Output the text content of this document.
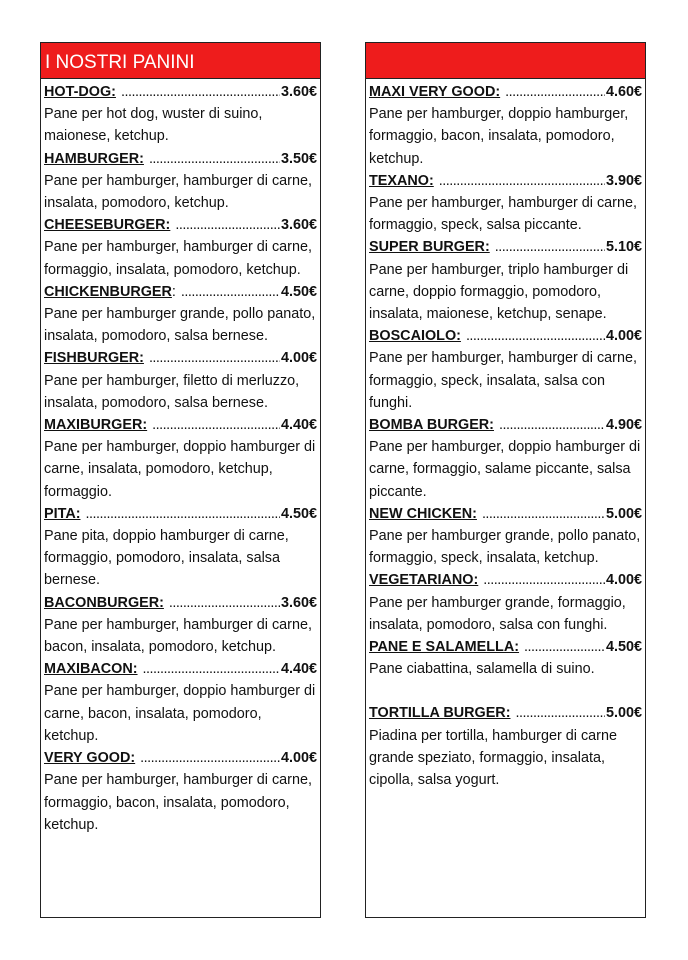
I NOSTRI PANINI
HOT-DOG: .....	3.60€
Pane per hot dog, wuster di suino, maionese, ketchup.
HAMBURGER: .....	3.50€
Pane per hamburger, hamburger di carne, insalata, pomodoro, ketchup.
CHEESEBURGER: .....	3.60€
Pane per hamburger, hamburger di carne, formaggio, insalata, pomodoro, ketchup.
CHICKENBURGER : .....	4.50€
Pane per hamburger grande, pollo panato, insalata, pomodoro, salsa bernese.
FISHBURGER: .....	4.00€
Pane per hamburger, filetto di merluzzo, insalata, pomodoro, salsa bernese.
MAXIBURGER: .....	4.40€
Pane per hamburger, doppio hamburger di carne, insalata, pomodoro, ketchup, formaggio.
PITA: .....	4.50€
Pane pita, doppio hamburger di carne, formaggio, pomodoro, insalata, salsa bernese.
BACONBURGER: .....	3.60€
Pane per hamburger, hamburger di carne, bacon, insalata, pomodoro, ketchup.
MAXIBACON: .....	4.40€
Pane per hamburger, doppio hamburger di carne, bacon, insalata, pomodoro, ketchup.
VERY GOOD: .....	4.00€
Pane per hamburger, hamburger di carne, formaggio, bacon, insalata, pomodoro, ketchup.
MAXI VERY GOOD: .....	4.60€
Pane per hamburger, doppio hamburger, formaggio, bacon, insalata, pomodoro, ketchup.
TEXANO: .....	3.90€
Pane per hamburger, hamburger di carne, formaggio, speck, salsa piccante.
SUPER BURGER: .....	5.10€
Pane per hamburger, triplo hamburger di carne, doppio formaggio, pomodoro, insalata, maionese, ketchup, senape.
BOSCAIOLO: .....	4.00€
Pane per hamburger, hamburger di carne, formaggio, speck, insalata, salsa con funghi.
BOMBA BURGER: .....	4.90€
Pane per hamburger, doppio hamburger di carne, formaggio, salame piccante, salsa piccante.
NEW CHICKEN: .....	5.00€
Pane per hamburger grande, pollo panato, formaggio, speck, insalata, ketchup.
VEGETARIANO: .....	4.00€
Pane per hamburger grande, formaggio, insalata, pomodoro, salsa con funghi.
PANE E SALAMELLA: .....	4.50€
Pane ciabattina, salamella di suino.
TORTILLA BURGER: .....	5.00€
Piadina per tortilla, hamburger di carne grande speziato, formaggio, insalata, cipolla, salsa yogurt.
